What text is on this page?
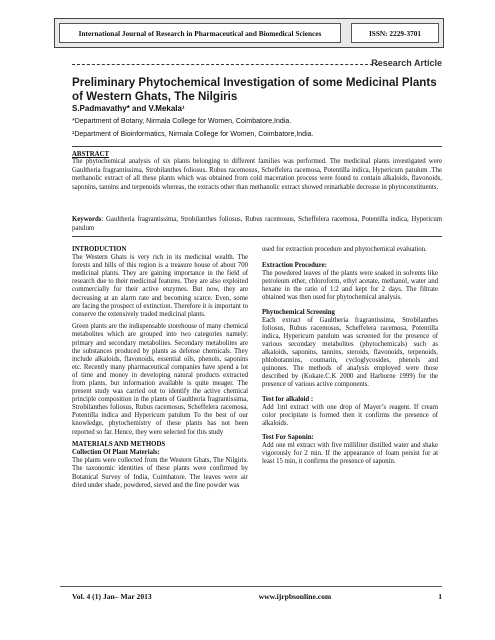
International Journal of Research in Pharmaceutical and Biomedical Sciences	ISSN: 2229-3701
Research Article
Preliminary Phytochemical Investigation of some Medicinal Plants of Western Ghats, The Nilgiris
S.Padmavathy* and V.Mekala¹
*Department of Botany, Nirmala College for Women, Coimbatore,India.
¹Department of Bioinformatics, Nirmala College for Women, Coimbatore,India.
ABSTRACT
The phytochemical analysis of six plants belonging to different families was performed. The medicinal plants investigated were Gaultheria fragrantissima, Strobilanthes foliosus, Rubus racemosus, Scheffelera racemosa, Potentilla indica, Hypericum patulum .The methanolic extract of all these plants which was obtained from cold maceration process were found to contain alkaloids, flavonoids, saponins, tannins and terpenoids whereas, the extracts other than methanolic extract showed remarkable decrease in phytoconstituents.
Keywords: Gaultheria fragrantissima, Strobilanthes foliosus, Rubus racemosus, Scheffelera racemosa, Potentilla indica, Hypericum patulum

INTRODUCTION

The Western Ghats is very rich in its medicinal wealth. The forests and hills of this region is a treasure house of about 700 medicinal plants. They are gaining importance in the field of research due to their medicinal features. They are also exploited commercially for their active enzymes. But now, they are decreasing at an alarm rate and becoming scarce. Even, some are facing the prospect of extinction. Therefore it is important to conserve the extensively traded medicinal plants.

Green plants are the indispensable storehouse of many chemical metabolites which are grouped into two categories namely: primary and secondary metabolites. Secondary metabolites are the substances produced by plants as defense chemicals. They include alkaloids, flavonoids, essential oils, phenols, saponins etc. Recently many pharmaceutical companies have spend a lot of time and money in developing natural products extracted from plants, but information available is quite meager. The present study was carried out to identify the active chemical principle composition in the plants of Gaultheria fragrantissima, Strobilanthes foliosus, Rubus racemosus, Scheffelera racemosa, Potentilla indica and Hypericum patulum To the best of our knowledge, phytochemistry of these plants has not been reported so far. Hence, they were selected for this study

MATERIALS AND METHODS

Collection Of Plant Materials:

The plants were collected from the Western Ghats, The Nilgiris. The taxonomic identities of these plants were confirmed by Botanical Survey of India, Coimbatore. The leaves were air dried under shade, powdered, sieved and the fine powder was

used for extraction procedure and phytochemical evaluation.

Extraction Procedure:

The powdered leaves of the plants were soaked in solvents like petroleum ether, chloroform, ethyl acetate, methanol, water and hexane in the ratio of 1:2 and kept for 2 days. The filtrate obtained was then used for phytochemical analysis.

Phytochemical Screening

Each extract of Gaultheria fragrantissima, Strobilanthes foliosus, Rubus racemosus, Scheffelera racemosa, Potentilla indica, Hypericum patulum was screened for the presence of various secondary metabolites (phytochemicals) such as alkaloids, saponins, tannins, steroids, flavonoids, terpenoids, phlobotannins, coumarin, cycloglycosides, phenols and quinones. The methods of analysis employed were those described by (Kokate.C.K 2000 and Harborne 1999) for the presence of various active components.

Test for alkaloid :

Add 1ml extract with one drop of Mayer’s reagent. If cream color precipitate is formed then it confirms the presence of alkaloids.

Test For Saponin:

Add one ml extract with five milliliter distilled water and shake vigorously for 2 min. If the appearance of foam persist for at least 15 min, it confirms the presence of saponin.

Vol. 4 (1) Jan– Mar 2013	www.ijrpbsonline.com	1
